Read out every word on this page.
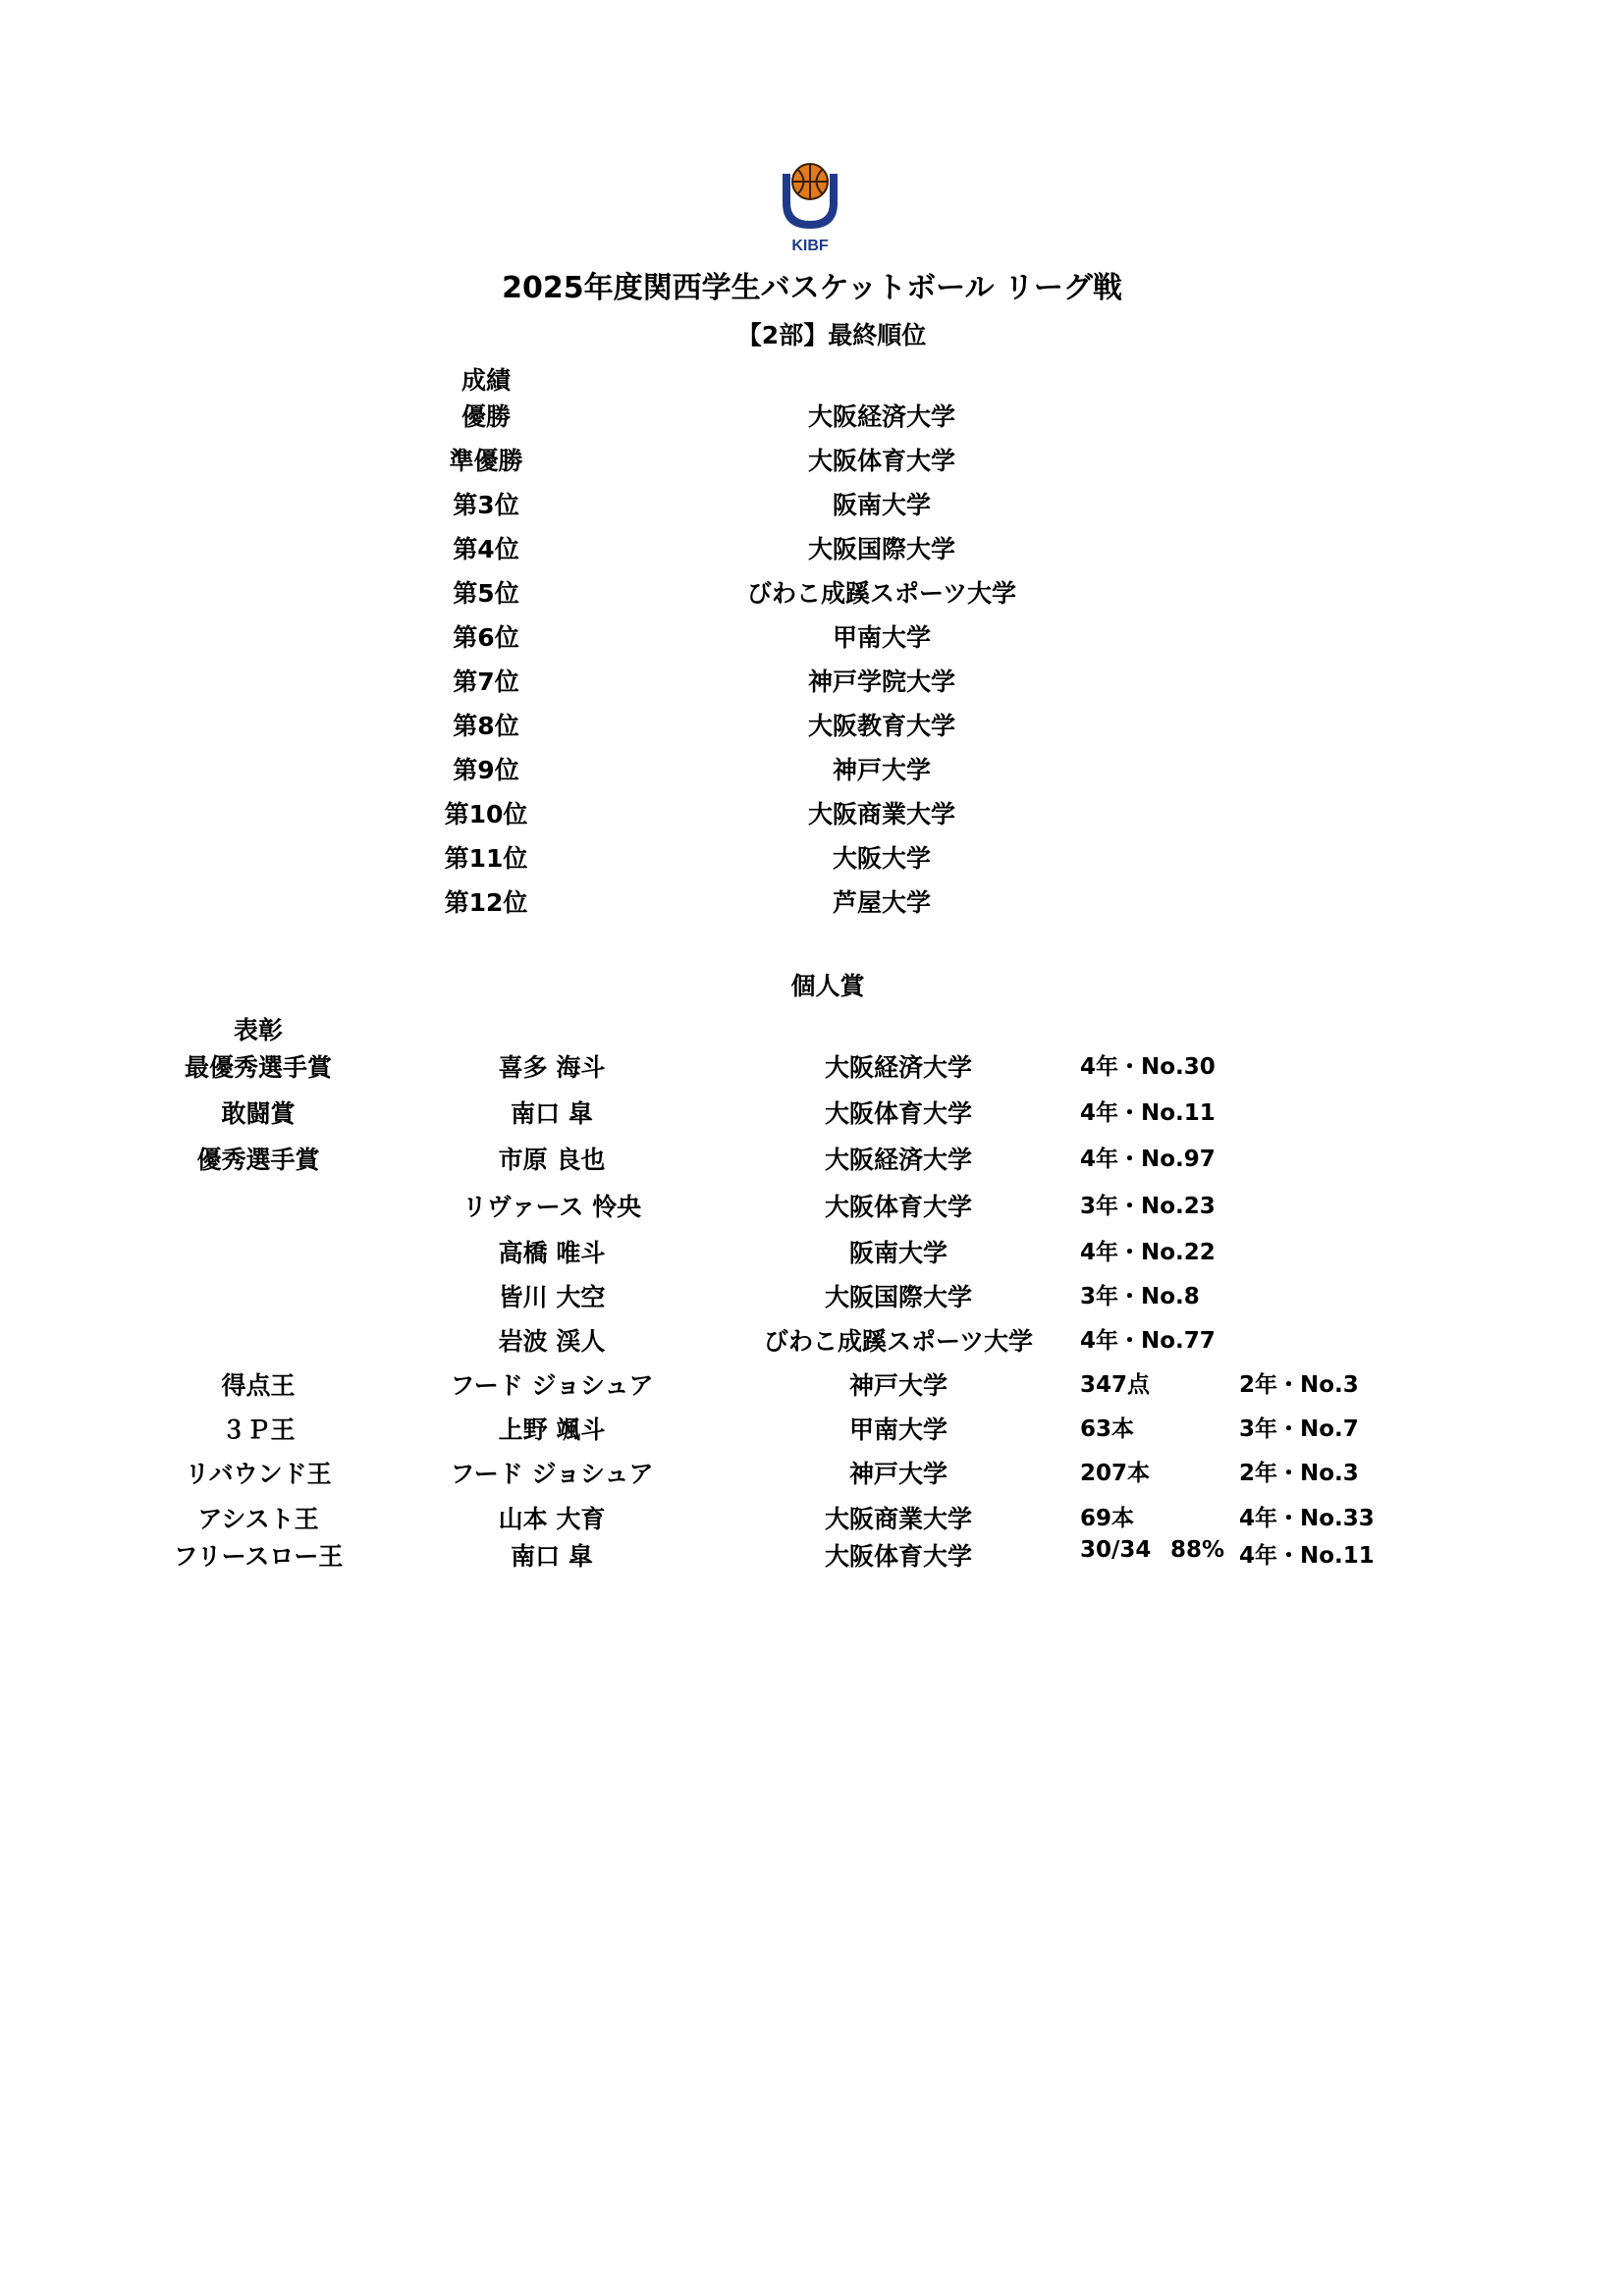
KIBF
2025年度関西学生バスケットボール リーグ戦
【2部】最終順位
成績
優勝	大阪経済大学
準優勝	大阪体育大学
第3位	阪南大学
第4位	大阪国際大学
第5位	びわこ成蹊スポーツ大学
第6位	甲南大学
第7位	神戸学院大学
第8位	大阪教育大学
第9位	神戸大学
第10位	大阪商業大学
第11位	大阪大学
第12位	芦屋大学
個人賞
表彰
最優秀選手賞	喜多 海斗	大阪経済大学	4年・No.30
敢闘賞	南口 皐	大阪体育大学	4年・No.11
優秀選手賞	市原 良也	大阪経済大学	4年・No.97
リヴァース 怜央	大阪体育大学	3年・No.23
高橋 唯斗	阪南大学	4年・No.22
皆川 大空	大阪国際大学	3年・No.8
岩波 渓人	びわこ成蹊スポーツ大学 4年・No.77
得点王	フード ジョシュア	神戸大学	347点	2年・No.3
３Ｐ王	上野 颯斗	甲南大学	63本	3年・No.7
リバウンド王	フード ジョシュア	神戸大学	207本	2年・No.3
アシスト王	山本 大育	大阪商業大学	69本	4年・No.33
フリースロー王	南口 皐	大阪体育大学	30/34 88% 4年・No.11
